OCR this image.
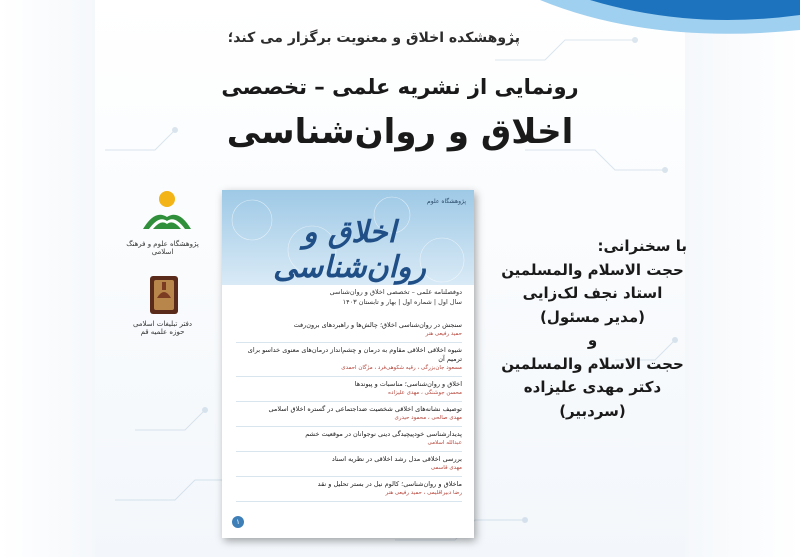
پژوهشکده اخلاق و معنویت برگزار می کند؛
رونمایی از نشریه علمی – تخصصی
اخلاق و روان‌شناسی
پژوهشگاه علوم و فرهنگ اسلامی
دفتر تبلیغات اسلامی حوزه علمیه قم
پژوهشگاه علوم
اخلاق و روان‌شناسی
دوفصلنامه علمی – تخصصی اخلاق و روان‌شناسی
سال اول | شماره اول | بهار و تابستان ۱۴۰۳
سنجش در روان‌شناسی اخلاق؛ چالش‌ها و راهبردهای برون‌رفت
حمید رفیعی هنر
شیوه اخلاقی اخلاقی مقاوم به درمان و چشم‌انداز درمان‌های معنوی خداسو برای ترمیم آن
مسعود جان‌بزرگی ، رقیه شکوهی‌فرد ، مژگان احمدی
اخلاق و روان‌شناسی؛ مناسبات و پیوندها
محسن جوشنگی ، مهدی علیزاده
توصیف نشانه‌های اخلاقی شخصیت ضداجتماعی در گستره اخلاق اسلامی
مهدی صالحی ، محمود حیدری
پدیدارشناسی خودپیچیدگی دینی نوجوانان در موقعیت خشم
عبدالله اسلامی
بررسی اخلاقی مدل رشد اخلاقی در نظریه اسناد
مهدی قاسمی
ما‌خلاق و روان‌شناسی؛ کالوم نیل در بستر تحلیل و نقد
رضا دبیراقلیمی ، حمید رفیعی هنر
۱
با سخنرانی:
حجت الاسلام والمسلمین
استاد نجف لک‌زایی
(مدیر مسئول)
و
حجت الاسلام والمسلمین
دکتر مهدی علیزاده
(سردبیر)
